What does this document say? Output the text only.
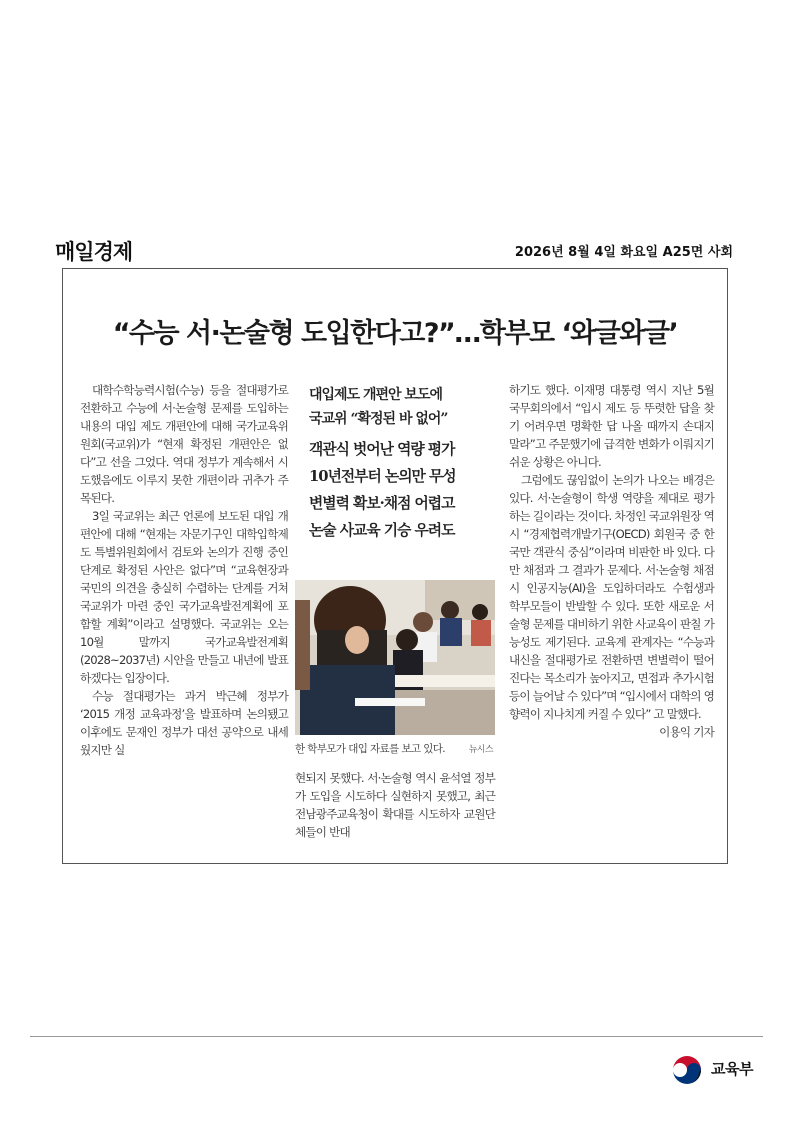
매일경제	2026년 8월 4일 화요일 A25면 사회
“수능 서·논술형 도입한다고?”…학부모 ‘와글와글’

대학수학능력시험(수능) 등을 절대평가로 전환하고 수능에 서·논술형 문제를 도입하는 내용의 대입 제도 개편안에 대해 국가교육위원회(국교위)가 “현재 확정된 개편안은 없다”고 선을 그었다. 역대 정부가 계속해서 시도했음에도 이루지 못한 개편이라 귀추가 주목된다.

3일 국교위는 최근 언론에 보도된 대입 개편안에 대해 “현재는 자문기구인 대학입학제도 특별위원회에서 검토와 논의가 진행 중인 단계로 확정된 사안은 없다”며 “교육현장과 국민의 의견을 충실히 수렴하는 단계를 거쳐 국교위가 마련 중인 국가교육발전계획에 포함할 계획”이라고 설명했다. 국교위는 오는 10월 말까지 국가교육발전계획(2028~2037년) 시안을 만들고 내년에 발표하겠다는 입장이다.

수능 절대평가는 과거 박근혜 정부가 ‘2015 개정 교육과정’을 발표하며 논의됐고 이후에도 문재인 정부가 대선 공약으로 내세웠지만 실

대입제도 개편안 보도에
국교위 “확정된 바 없어”
객관식 벗어난 역량 평가
10년전부터 논의만 무성
변별력 확보·채점 어렵고
논술 사교육 기승 우려도
한 학부모가 대입 자료를 보고 있다.	뉴시스

현되지 못했다. 서·논술형 역시 윤석열 정부가 도입을 시도하다 실현하지 못했고, 최근 전남광주교육청이 확대를 시도하자 교원단체들이 반대

하기도 했다. 이재명 대통령 역시 지난 5월 국무회의에서 “입시 제도 등 뚜렷한 답을 찾기 어려우면 명확한 답 나올 때까지 손대지 말라”고 주문했기에 급격한 변화가 이뤄지기 쉬운 상황은 아니다.

그럼에도 끊임없이 논의가 나오는 배경은 있다. 서·논술형이 학생 역량을 제대로 평가하는 길이라는 것이다. 차정인 국교위원장 역시 “경제협력개발기구(OECD) 회원국 중 한국만 객관식 중심”이라며 비판한 바 있다. 다만 채점과 그 결과가 문제다. 서·논술형 채점 시 인공지능(AI)을 도입하더라도 수험생과 학부모들이 반발할 수 있다. 또한 새로운 서술형 문제를 대비하기 위한 사교육이 판칠 가능성도 제기된다. 교육계 관계자는 “수능과 내신을 절대평가로 전환하면 변별력이 떨어진다는 목소리가 높아지고, 면접과 추가시험 등이 늘어날 수 있다”며 “입시에서 대학의 영향력이 지나치게 커질 수 있다” 고 말했다.

이용익 기자
교육부
